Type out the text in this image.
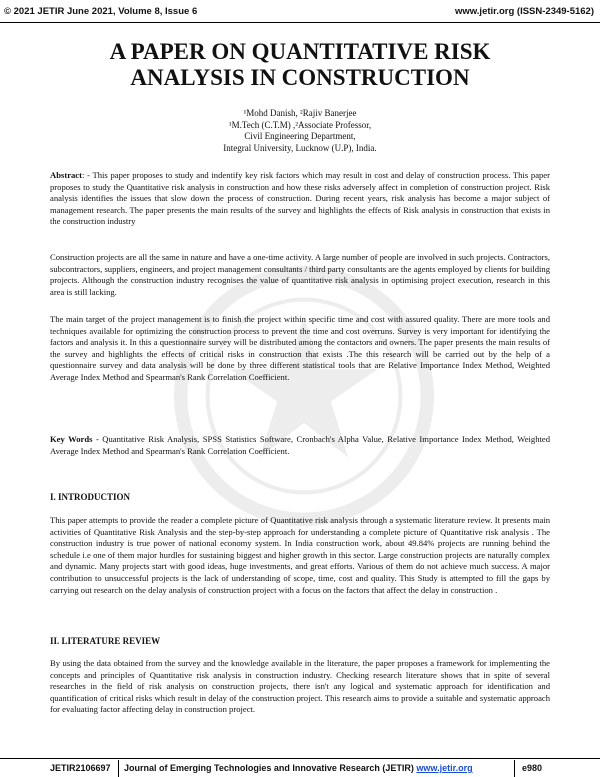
© 2021 JETIR June 2021, Volume 8, Issue 6	www.jetir.org (ISSN-2349-5162)
A PAPER ON QUANTITATIVE RISK
ANALYSIS IN CONSTRUCTION
¹Mohd Danish, ²Rajiv Banerjee
¹M.Tech (C.T.M) ,²Associate Professor,
Civil Engineering Department,
Integral University, Lucknow (U.P), India.

Abstract: - This paper proposes to study and indentify key risk factors which may result in cost and delay of construction process. This paper proposes to study the Quantitative risk analysis in construction and how these risks adversely affect in completion of construction project. Risk analysis identifies the issues that slow down the process of construction. During recent years, risk analysis has become a major subject of management research. The paper presents the main results of the survey and highlights the effects of Risk analysis in construction that exists in the construction industry

Construction projects are all the same in nature and have a one-time activity. A large number of people are involved in such projects. Contractors, subcontractors, suppliers, engineers, and project management consultants / third party consultants are the agents employed by clients for building projects. Although the construction industry recognises the value of quantitative risk analysis in optimising project execution, research in this area is still lacking.

The main target of the project management is to finish the project within specific time and cost with assured quality. There are more tools and techniques available for optimizing the construction process to prevent the time and cost overruns. Survey is very important for identifying the factors and analysis it. In this a questionnaire survey will be distributed among the contactors and owners. The paper presents the main results of the survey and highlights the effects of critical risks in construction that exists .The this research will be carried out by the help of a questionnaire survey and data analysis will be done by three different statistical tools that are Relative Importance Index Method, Weighted Average Index Method and Spearman's Rank Correlation Coefficient.

Key Words - Quantitative Risk Analysis, SPSS Statistics Software, Cronbach's Alpha Value, Relative Importance Index Method, Weighted Average Index Method and Spearman's Rank Correlation Coefficient.

I. INTRODUCTION

This paper attempts to provide the reader a complete picture of Quantitative risk analysis through a systematic literature review. It presents main activities of Quantitative Risk Analysis and the step-by-step approach for understanding a complete picture of Quantitative risk analysis . The construction industry is true power of national economy system. In India construction work, about 49.84% projects are running behind the schedule i.e one of them major hurdles for sustaining biggest and higher growth in this sector. Large construction projects are naturally complex and dynamic. Many projects start with good ideas, huge investments, and great efforts. Various of them do not achieve much success. A major contribution to unsuccessful projects is the lack of understanding of scope, time, cost and quality. This Study is attempted to fill the gaps by carrying out research on the delay analysis of construction project with a focus on the factors that affect the delay in construction .

II. LITERATURE REVIEW

By using the data obtained from the survey and the knowledge available in the literature, the paper proposes a framework for implementing the concepts and principles of Quantitative risk analysis in construction industry. Checking research literature shows that in spite of several researches in the field of risk analysis on construction projects, there isn't any logical and systematic approach for identification and quantification of critical risks which result in delay of the construction project. This research aims to provide a suitable and systematic approach for evaluating factor affecting delay in construction project.

JETIR2106697 Journal of Emerging Technologies and Innovative Research (JETIR) www.jetir.org	e980
